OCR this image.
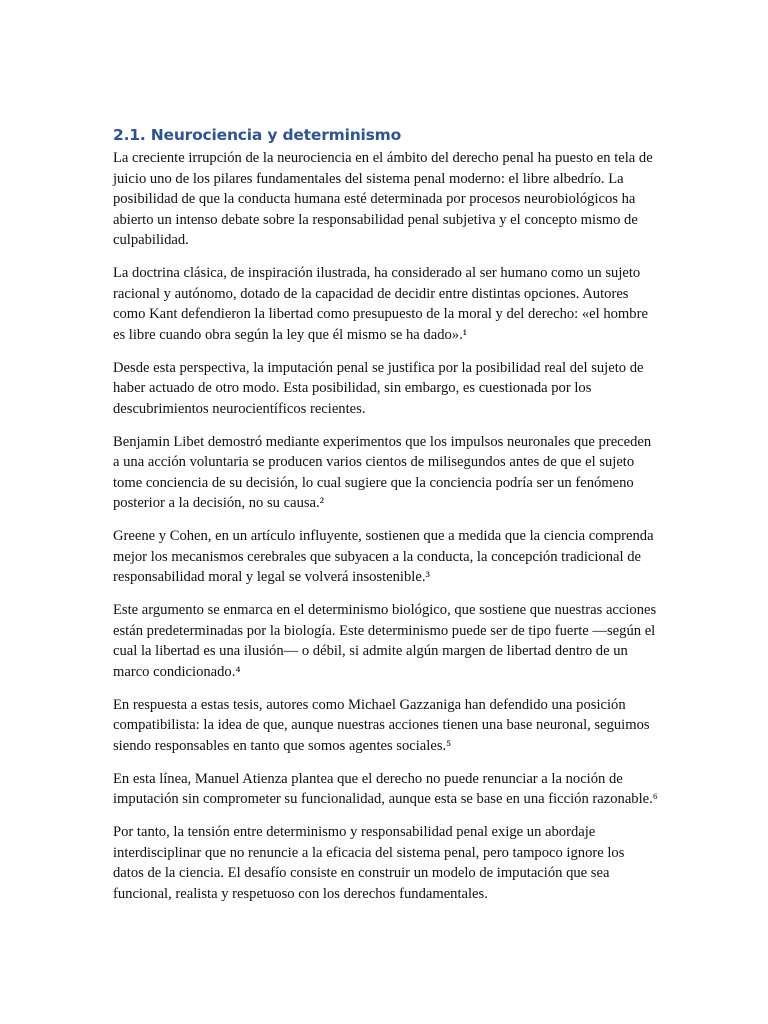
2.1. Neurociencia y determinismo

La creciente irrupción de la neurociencia en el ámbito del derecho penal ha puesto en tela de juicio uno de los pilares fundamentales del sistema penal moderno: el libre albedrío. La posibilidad de que la conducta humana esté determinada por procesos neurobiológicos ha abierto un intenso debate sobre la responsabilidad penal subjetiva y el concepto mismo de culpabilidad.

La doctrina clásica, de inspiración ilustrada, ha considerado al ser humano como un sujeto racional y autónomo, dotado de la capacidad de decidir entre distintas opciones. Autores como Kant defendieron la libertad como presupuesto de la moral y del derecho: «el hombre es libre cuando obra según la ley que él mismo se ha dado».¹

Desde esta perspectiva, la imputación penal se justifica por la posibilidad real del sujeto de haber actuado de otro modo. Esta posibilidad, sin embargo, es cuestionada por los descubrimientos neurocientíficos recientes.

Benjamin Libet demostró mediante experimentos que los impulsos neuronales que preceden a una acción voluntaria se producen varios cientos de milisegundos antes de que el sujeto tome conciencia de su decisión, lo cual sugiere que la conciencia podría ser un fenómeno posterior a la decisión, no su causa.²

Greene y Cohen, en un artículo influyente, sostienen que a medida que la ciencia comprenda mejor los mecanismos cerebrales que subyacen a la conducta, la concepción tradicional de responsabilidad moral y legal se volverá insostenible.³

Este argumento se enmarca en el determinismo biológico, que sostiene que nuestras acciones están predeterminadas por la biología. Este determinismo puede ser de tipo fuerte —según el cual la libertad es una ilusión— o débil, si admite algún margen de libertad dentro de un marco condicionado.⁴

En respuesta a estas tesis, autores como Michael Gazzaniga han defendido una posición compatibilista: la idea de que, aunque nuestras acciones tienen una base neuronal, seguimos siendo responsables en tanto que somos agentes sociales.⁵

En esta línea, Manuel Atienza plantea que el derecho no puede renunciar a la noción de imputación sin comprometer su funcionalidad, aunque esta se base en una ficción razonable.⁶

Por tanto, la tensión entre determinismo y responsabilidad penal exige un abordaje interdisciplinar que no renuncie a la eficacia del sistema penal, pero tampoco ignore los datos de la ciencia. El desafío consiste en construir un modelo de imputación que sea funcional, realista y respetuoso con los derechos fundamentales.
